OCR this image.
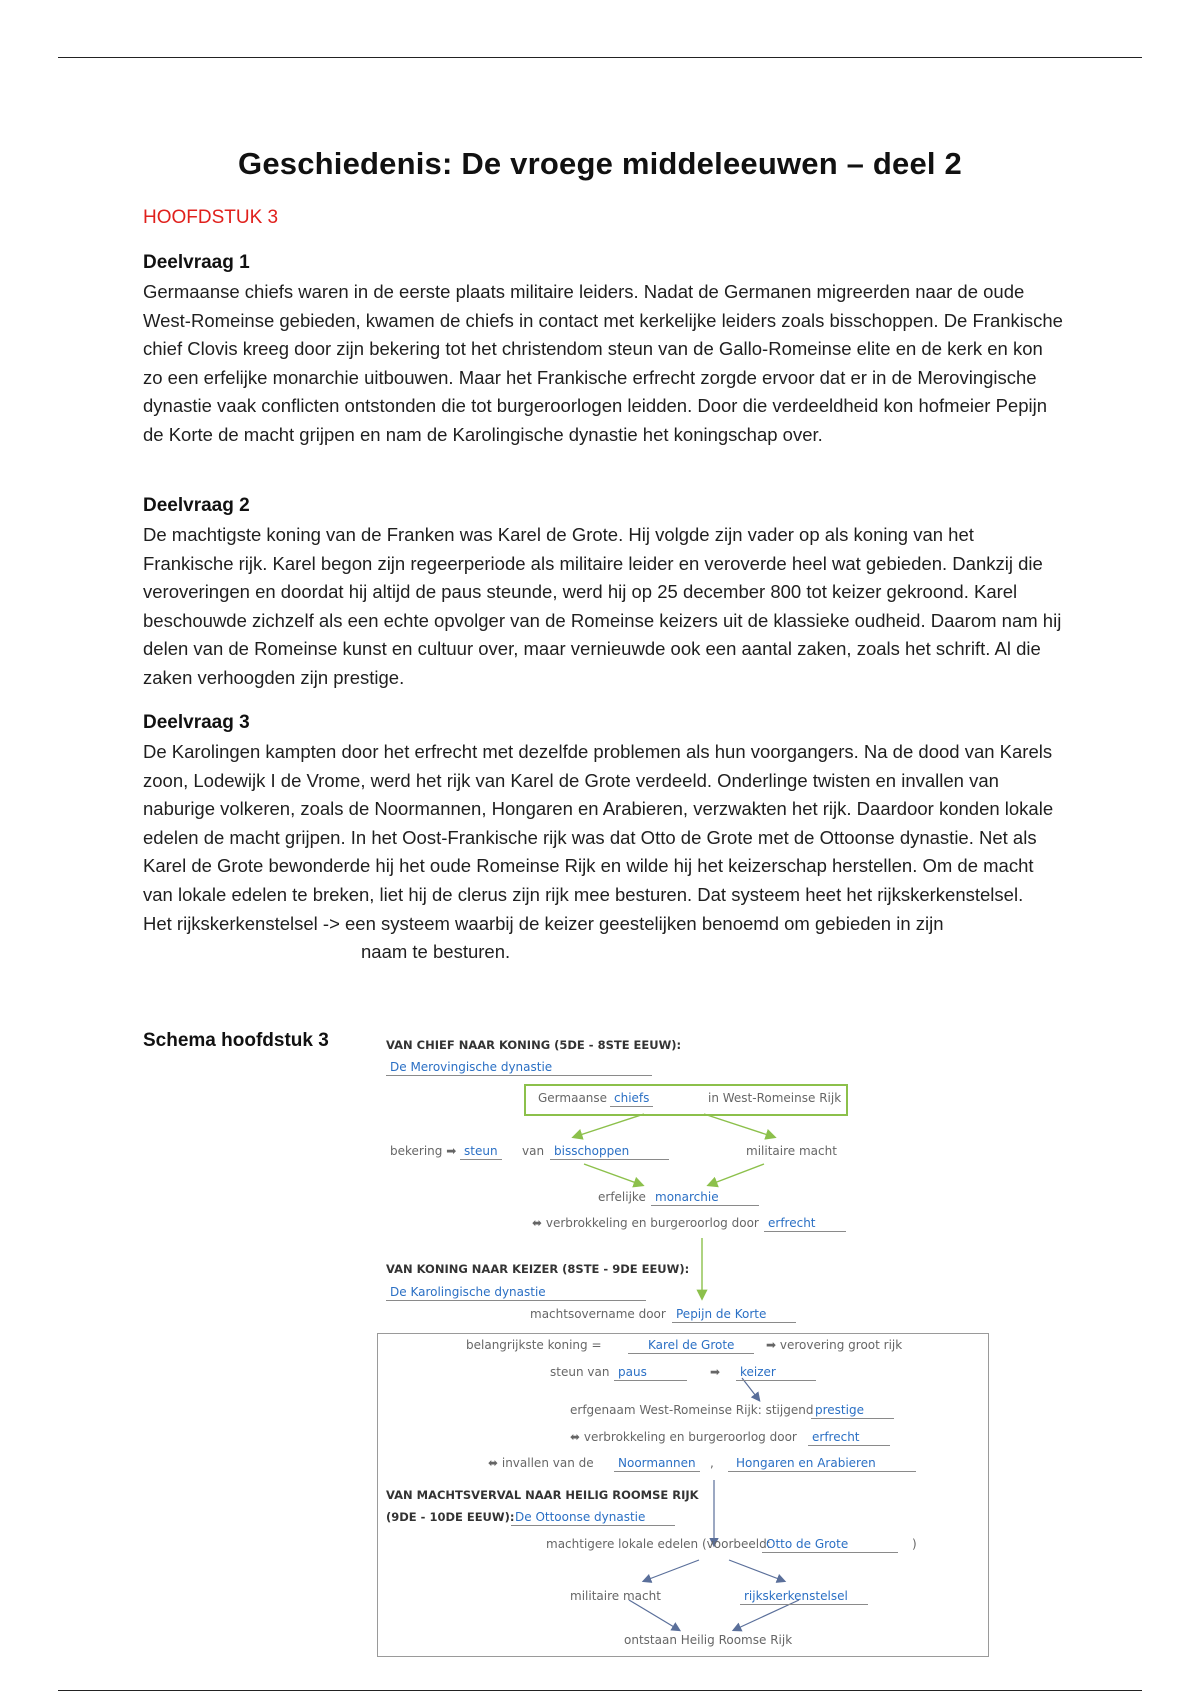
Geschiedenis: De vroege middeleeuwen – deel 2
HOOFDSTUK 3
Deelvraag 1

Germaanse chiefs waren in de eerste plaats militaire leiders. Nadat de Germanen migreerden naar de oude West-Romeinse gebieden, kwamen de chiefs in contact met kerkelijke leiders zoals bisschoppen. De Frankische chief Clovis kreeg door zijn bekering tot het christendom steun van de Gallo-Romeinse elite en de kerk en kon zo een erfelijke monarchie uitbouwen. Maar het Frankische erfrecht zorgde ervoor dat er in de Merovingische dynastie vaak conflicten ontstonden die tot burgeroorlogen leidden. Door die verdeeldheid kon hofmeier Pepijn de Korte de macht grijpen en nam de Karolingische dynastie het koningschap over.

Deelvraag 2

De machtigste koning van de Franken was Karel de Grote. Hij volgde zijn vader op als koning van het Frankische rijk. Karel begon zijn regeerperiode als militaire leider en veroverde heel wat gebieden. Dankzij die veroveringen en doordat hij altijd de paus steunde, werd hij op 25 december 800 tot keizer gekroond. Karel beschouwde zichzelf als een echte opvolger van de Romeinse keizers uit de klassieke oudheid. Daarom nam hij delen van de Romeinse kunst en cultuur over, maar vernieuwde ook een aantal zaken, zoals het schrift. Al die zaken verhoogden zijn prestige.

Deelvraag 3

De Karolingen kampten door het erfrecht met dezelfde problemen als hun voorgangers. Na de dood van Karels zoon, Lodewijk I de Vrome, werd het rijk van Karel de Grote verdeeld. Onderlinge twisten en invallen van naburige volkeren, zoals de Noormannen, Hongaren en Arabieren, verzwakten het rijk. Daardoor konden lokale edelen de macht grijpen. In het Oost-Frankische rijk was dat Otto de Grote met de Ottoonse dynastie. Net als Karel de Grote bewonderde hij het oude Romeinse Rijk en wilde hij het keizerschap herstellen. Om de macht van lokale edelen te breken, liet hij de clerus zijn rijk mee besturen. Dat systeem heet het rijkskerkenstelsel.

Het rijkskerkenstelsel -> een systeem waarbij de keizer geestelijken benoemd om gebieden in zijn

naam te besturen.

Schema hoofdstuk 3	VAN CHIEF NAAR KONING (5DE - 8STE EEUW):
De Merovingische dynastie
Germaanse chiefs	in West-Romeinse Rijk
bekering ➡ steun	van bisschoppen	militaire macht
erfelijke monarchie
⬌ verbrokkeling en burgeroorlog door erfrecht
VAN KONING NAAR KEIZER (8STE - 9DE EEUW):
De Karolingische dynastie
machtsovername door Pepijn de Korte
belangrijkste koning =	Karel de Grote	➡ verovering groot rijk
steun van paus	➡	keizer
erfgenaam West-Romeinse Rijk: stijgend prestige
⬌ verbrokkeling en burgeroorlog door	erfrecht
⬌ invallen van de	Noormannen	,	Hongaren en Arabieren
VAN MACHTSVERVAL NAAR HEILIG ROOMSE RIJK
(9DE - 10DE EEUW): De Ottoonse dynastie
machtigere lokale edelen (voorbeeld:
Otto de Grote	)
militaire macht	rijkskerkenstelsel
ontstaan Heilig Roomse Rijk
